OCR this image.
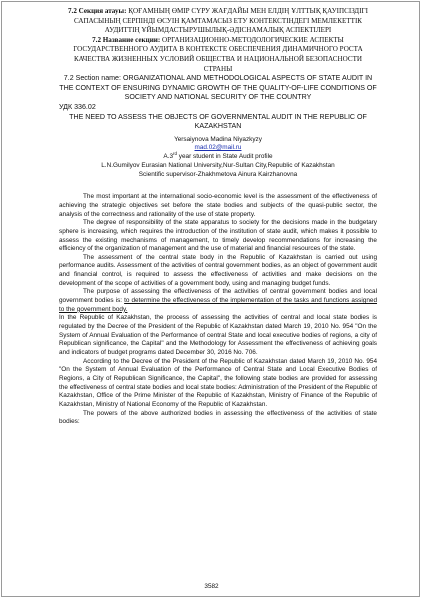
7.2 Секция атауы: ҚОҒАМНЫҢ ӨМІР СҮРУ ЖАҒДАЙЫ МЕН ЕЛДІҢ ҰЛТТЫҚ ҚАУІПСІЗДІГІ САПАСЫНЫҢ СЕРПІНДІ ӨСУІН ҚАМТАМАСЫЗ ЕТУ КОНТЕКСТІНДЕГІ МЕМЛЕКЕТТІК АУДИТТІҢ ҰЙЫМДАСТЫРУШЫЛЫҚ-ӘДІСНАМАЛЫҚ АСПЕКТІЛЕРІ
7.2 Название секции: ОРГАНИЗАЦИОННО-МЕТОДОЛОГИЧЕСКИЕ АСПЕКТЫ ГОСУДАРСТВЕННОГО АУДИТА В КОНТЕКСТЕ ОБЕСПЕЧЕНИЯ ДИНАМИЧНОГО РОСТА КАЧЕСТВА ЖИЗНЕННЫХ УСЛОВИЙ ОБЩЕСТВА И НАЦИОНАЛЬНОЙ БЕЗОПАСНОСТИ СТРАНЫ
7.2 Section name: ORGANIZATIONAL AND METHODOLOGICAL ASPECTS OF STATE AUDIT IN THE CONTEXT OF ENSURING DYNAMIC GROWTH OF THE QUALITY-OF-LIFE CONDITIONS OF SOCIETY AND NATIONAL SECURITY OF THE COUNTRY
УДК 336.02
THE NEED TO ASSESS THE OBJECTS OF GOVERNMENTAL AUDIT IN THE REPUBLIC OF KAZAKHSTAN
Yersaiynova Madina Niyazkyzy
mad.02@mail.ru
A.3rd year student in State Audit profile
L.N.Gumilyov Eurasian National University,Nur-Sultan City,Republic of Kazakhstan
Scientific supervisor-Zhakhmetova Ainura Kairzhanovna

The most important at the international socio-economic level is the assessment of the effectiveness of achieving the strategic objectives set before the state bodies and subjects of the quasi-public sector, the analysis of the correctness and rationality of the use of state property.

The degree of responsibility of the state apparatus to society for the decisions made in the budgetary sphere is increasing, which requires the introduction of the institution of state audit, which makes it possible to assess the existing mechanisms of management, to timely develop recommendations for increasing the efficiency of the organization of management and the use of material and financial resources of the state.

The assessment of the central state body in the Republic of Kazakhstan is carried out using performance audits. Assessment of the activities of central government bodies, as an object of government audit and financial control, is required to assess the effectiveness of activities and make decisions on the development of the scope of activities of a government body, using and managing budget funds.

The purpose of assessing the effectiveness of the activities of central government bodies and local government bodies is: to determine the effectiveness of the implementation of the tasks and functions assigned to the government body.

In the Republic of Kazakhstan, the process of assessing the activities of central and local state bodies is regulated by the Decree of the President of the Republic of Kazakhstan dated March 19, 2010 No. 954 "On the System of Annual Evaluation of the Performance of central State and local executive bodies of regions, a city of Republican significance, the Capital" and the Methodology for Assessment the effectiveness of achieving goals and indicators of budget programs dated December 30, 2016 No. 706.

According to the Decree of the President of the Republic of Kazakhstan dated March 19, 2010 No. 954 "On the System of Annual Evaluation of the Performance of Central State and Local Executive Bodies of Regions, a City of Republican Significance, the Capital", the following state bodies are provided for assessing the effectiveness of central state bodies and local state bodies: Administration of the President of the Republic of Kazakhstan, Office of the Prime Minister of the Republic of Kazakhstan, Ministry of Finance of the Republic of Kazakhstan, Ministry of National Economy of the Republic of Kazakhstan.

The powers of the above authorized bodies in assessing the effectiveness of the activities of state bodies:

3582
